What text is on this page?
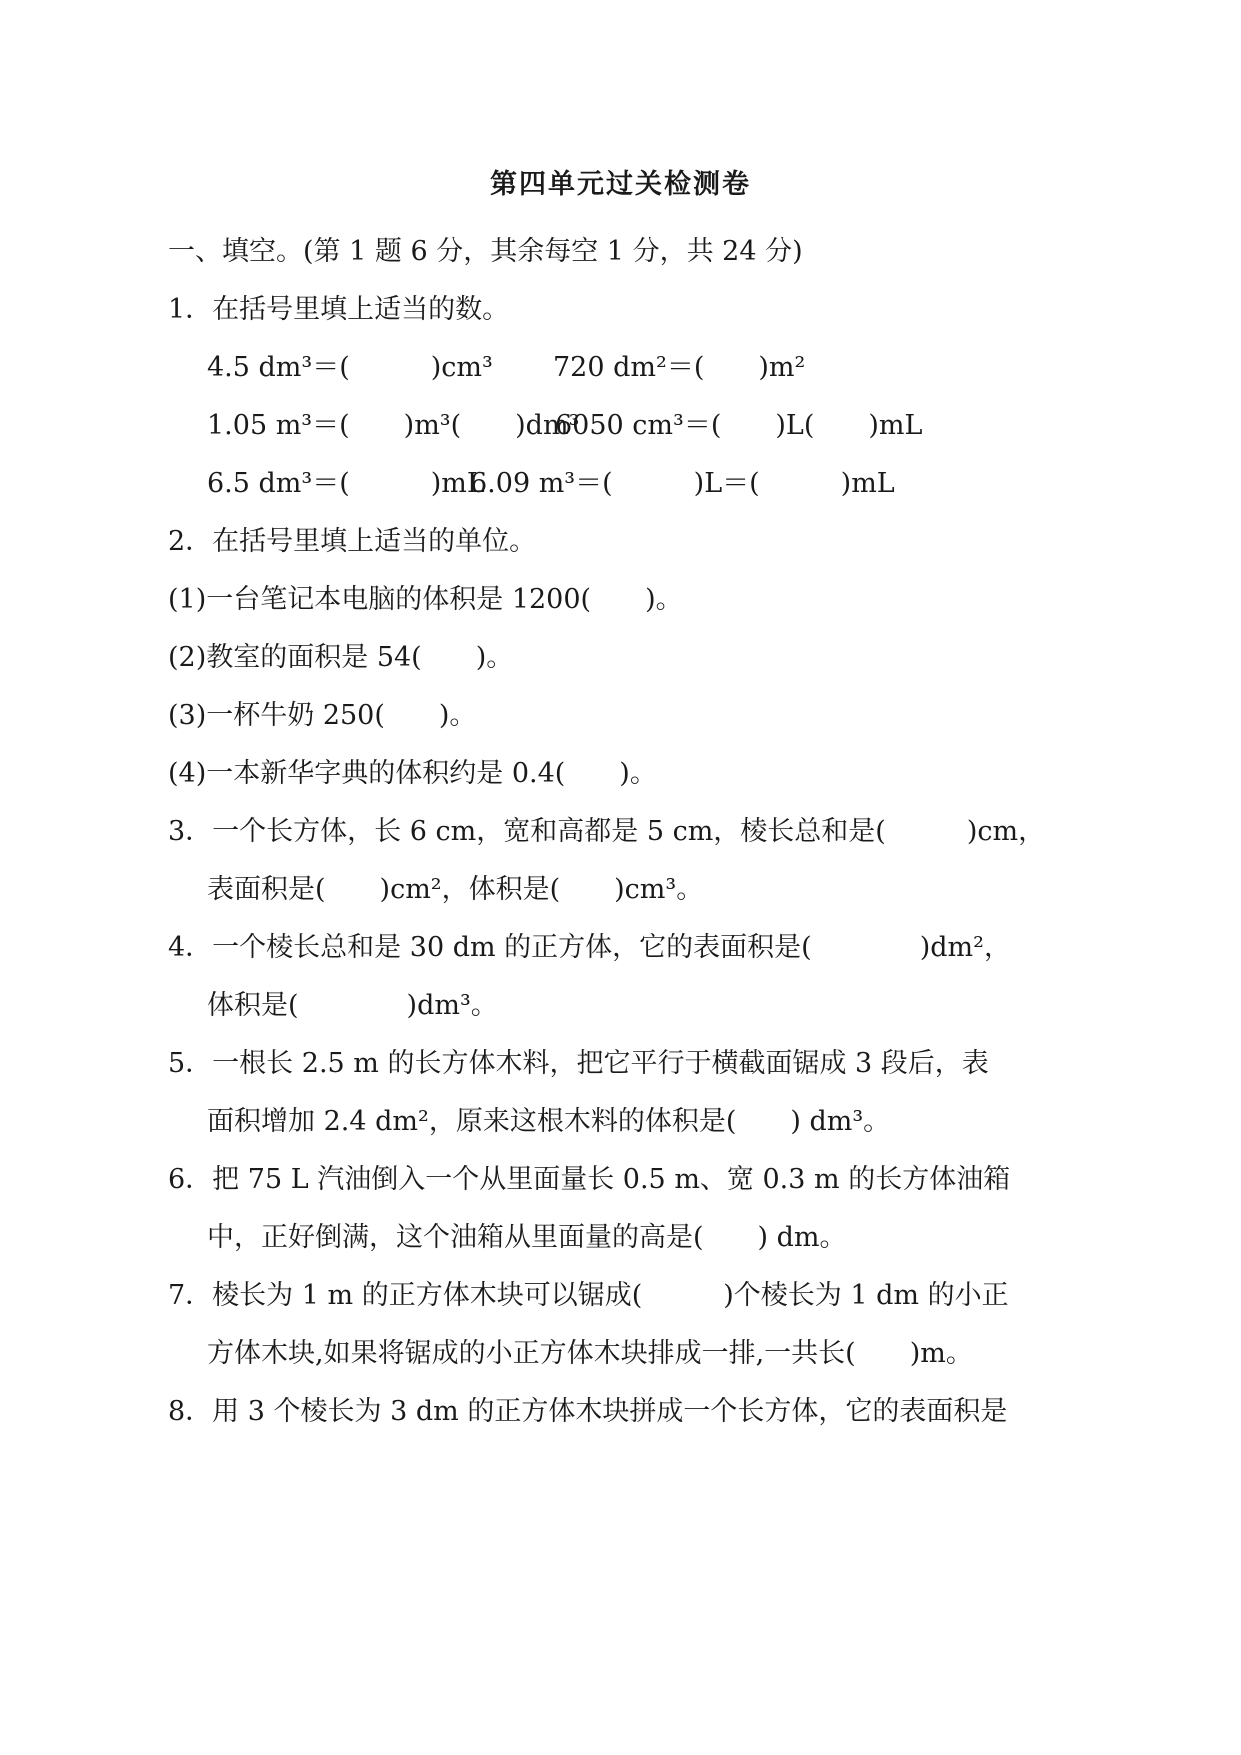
第四单元过关检测卷
一、填空。(第 1 题 6 分，其余每空 1 分，共 24 分)
1．在括号里填上适当的数。
4.5 dm³＝(　　　)cm³ 720 dm²＝(　　)m²
1.05 m³＝(　　)m³(　　)dm³
6050 cm³＝(　　)L(　　)mL
6.5 dm³＝(　　　)mL
6.09 m³＝(　　　)L＝(　　　)mL
2．在括号里填上适当的单位。
(1)一台笔记本电脑的体积是 1200(　　)。
(2)教室的面积是 54(　　)。
(3)一杯牛奶 250(　　)。
(4)一本新华字典的体积约是 0.4(　　)。
3．一个长方体，长 6 cm，宽和高都是 5 cm，棱长总和是(　　　)cm，
表面积是(　　)cm²，体积是(　　)cm³。
4．一个棱长总和是 30 dm 的正方体，它的表面积是(　　　　)dm²，
体积是(　　　　)dm³。
5．一根长 2.5 m 的长方体木料，把它平行于横截面锯成 3 段后，表
面积增加 2.4 dm²，原来这根木料的体积是(　　) dm³。
6．把 75 L 汽油倒入一个从里面量长 0.5 m、宽 0.3 m 的长方体油箱
中，正好倒满，这个油箱从里面量的高是(　　) dm。
7．棱长为 1 m 的正方体木块可以锯成(　　　)个棱长为 1 dm 的小正
方体木块,如果将锯成的小正方体木块排成一排,一共长(　　)m。
8．用 3 个棱长为 3 dm 的正方体木块拼成一个长方体，它的表面积是
